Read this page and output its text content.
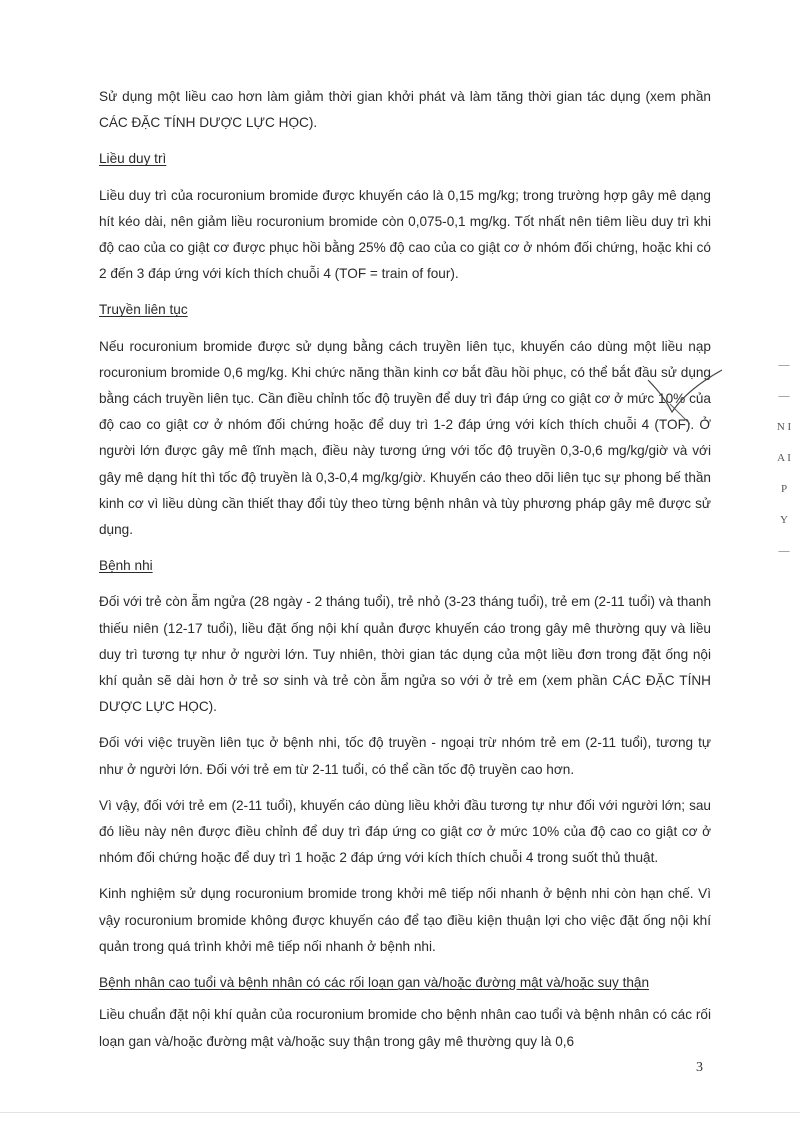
Sử dụng một liều cao hơn làm giảm thời gian khởi phát và làm tăng thời gian tác dụng (xem phần CÁC ĐẶC TÍNH DƯỢC LỰC HỌC).

Liều duy trì

Liều duy trì của rocuronium bromide được khuyến cáo là 0,15 mg/kg; trong trường hợp gây mê dạng hít kéo dài, nên giảm liều rocuronium bromide còn 0,075-0,1 mg/kg. Tốt nhất nên tiêm liều duy trì khi độ cao của co giật cơ được phục hồi bằng 25% độ cao của co giật cơ ở nhóm đối chứng, hoặc khi có 2 đến 3 đáp ứng với kích thích chuỗi 4 (TOF = train of four).

Truyền liên tục

Nếu rocuronium bromide được sử dụng bằng cách truyền liên tục, khuyến cáo dùng một liều nạp rocuronium bromide 0,6 mg/kg. Khi chức năng thần kinh cơ bắt đầu hồi phục, có thể bắt đầu sử dụng bằng cách truyền liên tục. Cần điều chỉnh tốc độ truyền để duy trì đáp ứng co giật cơ ở mức 10% của độ cao co giật cơ ở nhóm đối chứng hoặc để duy trì 1-2 đáp ứng với kích thích chuỗi 4 (TOF). Ở người lớn được gây mê tĩnh mạch, điều này tương ứng với tốc độ truyền 0,3-0,6 mg/kg/giờ và với gây mê dạng hít thì tốc độ truyền là 0,3-0,4 mg/kg/giờ. Khuyến cáo theo dõi liên tục sự phong bế thần kinh cơ vì liều dùng cần thiết thay đổi tùy theo từng bệnh nhân và tùy phương pháp gây mê được sử dụng.

Bệnh nhi

Đối với trẻ còn ẵm ngửa (28 ngày - 2 tháng tuổi), trẻ nhỏ (3-23 tháng tuổi), trẻ em (2-11 tuổi) và thanh thiếu niên (12-17 tuổi), liều đặt ống nội khí quản được khuyến cáo trong gây mê thường quy và liều duy trì tương tự như ở người lớn. Tuy nhiên, thời gian tác dụng của một liều đơn trong đặt ống nội khí quản sẽ dài hơn ở trẻ sơ sinh và trẻ còn ẵm ngửa so với ở trẻ em (xem phần CÁC ĐẶC TÍNH DƯỢC LỰC HỌC).

Đối với việc truyền liên tục ở bệnh nhi, tốc độ truyền - ngoại trừ nhóm trẻ em (2-11 tuổi), tương tự như ở người lớn. Đối với trẻ em từ 2-11 tuổi, có thể cần tốc độ truyền cao hơn.

Vì vậy, đối với trẻ em (2-11 tuổi), khuyến cáo dùng liều khởi đầu tương tự như đối với người lớn; sau đó liều này nên được điều chỉnh để duy trì đáp ứng co giật cơ ở mức 10% của độ cao co giật cơ ở nhóm đối chứng hoặc để duy trì 1 hoặc 2 đáp ứng với kích thích chuỗi 4 trong suốt thủ thuật.

Kinh nghiệm sử dụng rocuronium bromide trong khởi mê tiếp nối nhanh ở bệnh nhi còn hạn chế. Vì vậy rocuronium bromide không được khuyến cáo để tạo điều kiện thuận lợi cho việc đặt ống nội khí quản trong quá trình khởi mê tiếp nối nhanh ở bệnh nhi.

Bệnh nhân cao tuổi và bệnh nhân có các rối loạn gan và/hoặc đường mật và/hoặc suy thận

Liều chuẩn đặt nội khí quản của rocuronium bromide cho bệnh nhân cao tuổi và bệnh nhân có các rối loạn gan và/hoặc đường mật và/hoặc suy thận trong gây mê thường quy là 0,6

—
—
N I
A I
P
Y
—
3
